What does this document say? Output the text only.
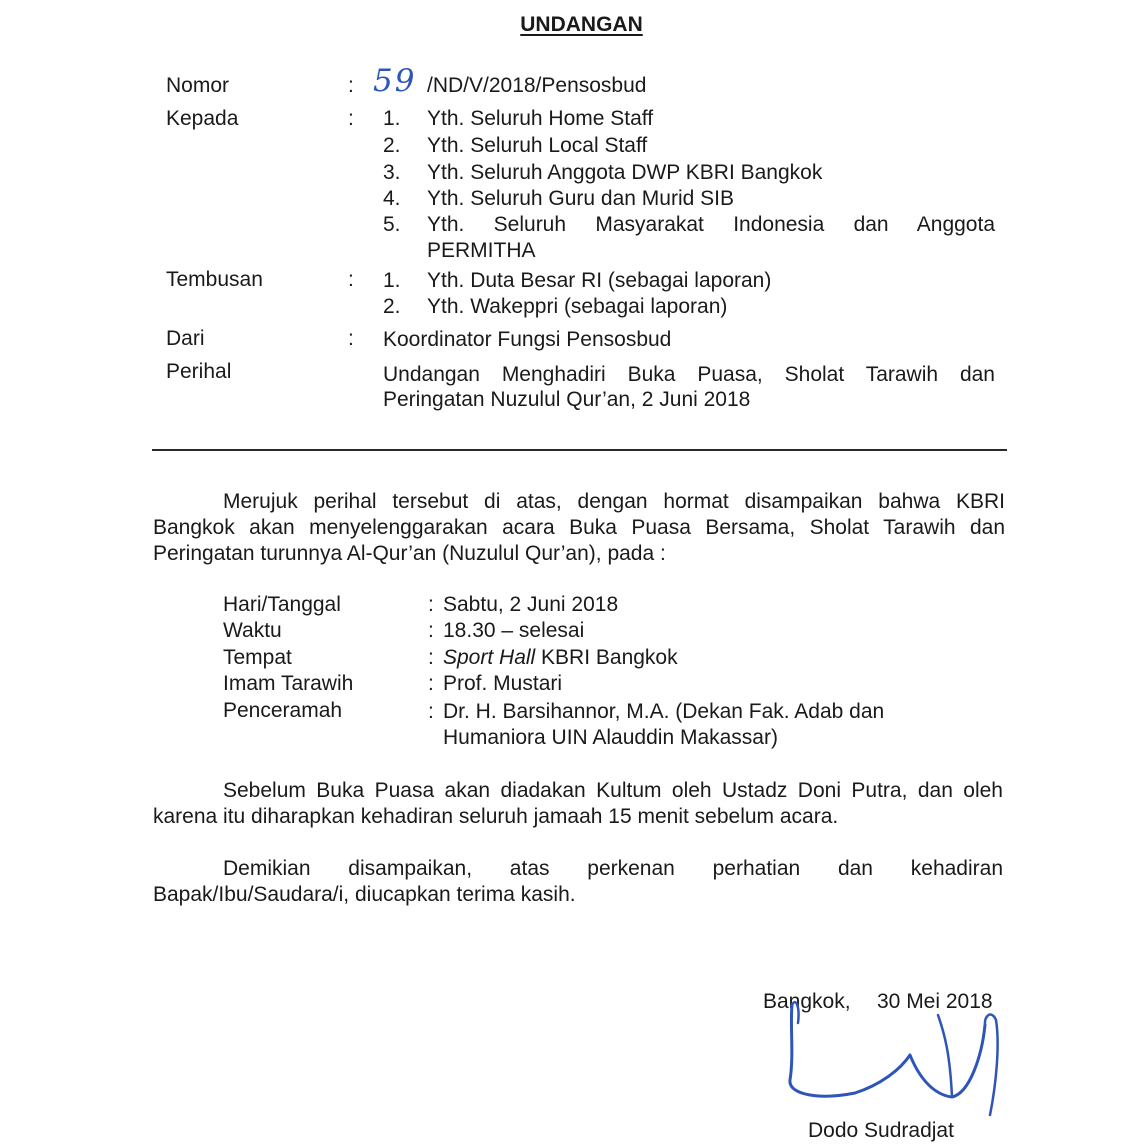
UNDANGAN
Nomor	: 59 /ND/V/2018/Pensosbud
Kepada	: 1. Yth. Seluruh Home Staff
2. Yth. Seluruh Local Staff
3. Yth. Seluruh Anggota DWP KBRI Bangkok
4. Yth. Seluruh Guru dan Murid SIB
5. Yth. Seluruh Masyarakat Indonesia dan Anggota
PERMITHA
Tembusan	: 1. Yth. Duta Besar RI (sebagai laporan)
2. Yth. Wakeppri (sebagai laporan)
Dari	: Koordinator Fungsi Pensosbud
Perihal	Undangan Menghadiri Buka Puasa, Sholat Tarawih dan
Peringatan Nuzulul Qur’an, 2 Juni 2018
Merujuk perihal tersebut di atas, dengan hormat disampaikan bahwa KBRI
Bangkok akan menyelenggarakan acara Buka Puasa Bersama, Sholat Tarawih dan
Peringatan turunnya Al-Qur’an (Nuzulul Qur’an), pada :
Hari/Tanggal	: Sabtu, 2 Juni 2018
Waktu	: 18.30 – selesai
Tempat	: Sport Hall KBRI Bangkok
Imam Tarawih	: Prof. Mustari
Penceramah	: Dr. H. Barsihannor, M.A. (Dekan Fak. Adab dan
Humaniora UIN Alauddin Makassar)
Sebelum Buka Puasa akan diadakan Kultum oleh Ustadz Doni Putra, dan oleh
karena itu diharapkan kehadiran seluruh jamaah 15 menit sebelum acara.
Demikian disampaikan, atas perkenan perhatian dan kehadiran
Bapak/Ibu/Saudara/i, diucapkan terima kasih.
Bangkok, 30 Mei 2018
Dodo Sudradjat
